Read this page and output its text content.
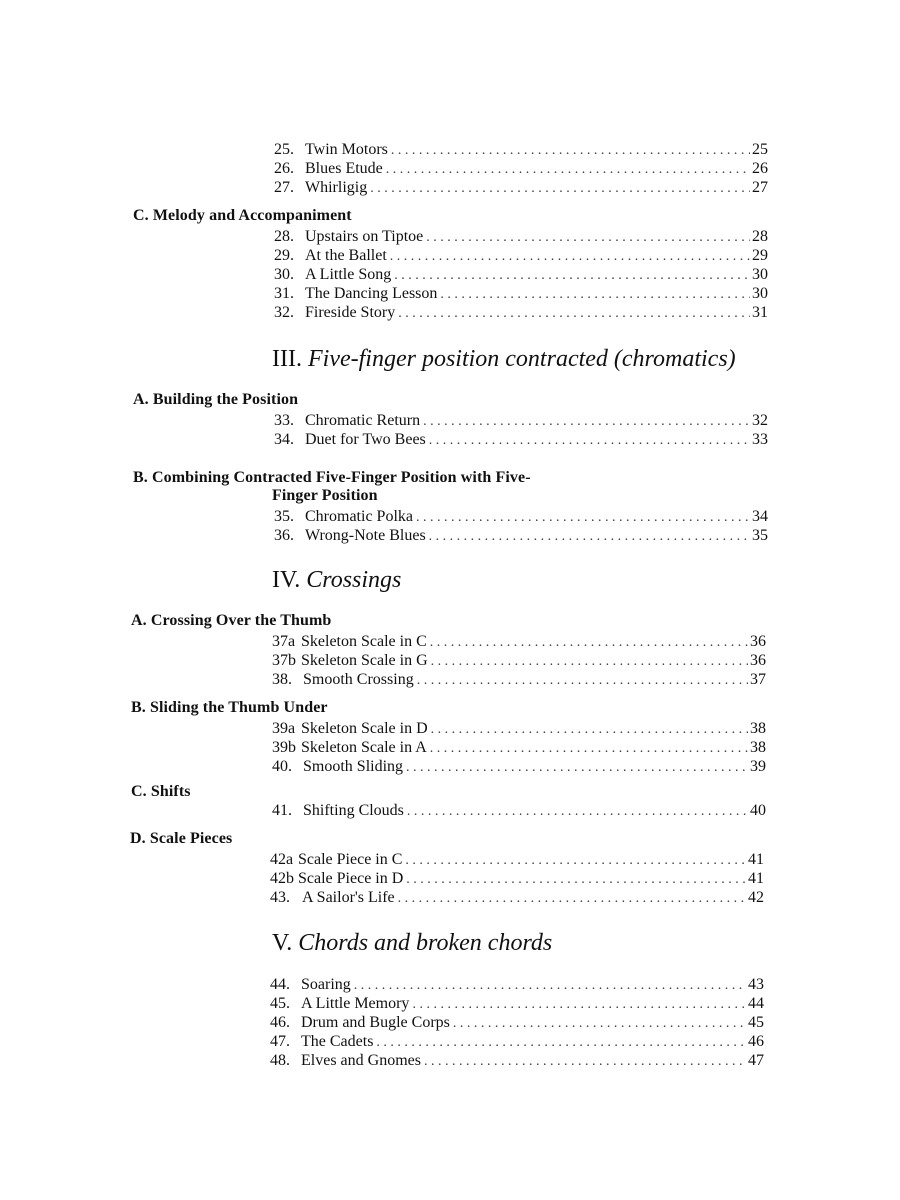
25. Twin Motors . . .	25
26. Blues Etude . . .	26
27. Whirligig . . .	27
C. Melody and Accompaniment
28. Upstairs on Tiptoe . . .	28
29. At the Ballet . . .	29
30. A Little Song . . .	30
31. The Dancing Lesson . . .	30
32. Fireside Story . . .	31
III. Five-finger position contracted (chromatics)
A. Building the Position
33. Chromatic Return . . .	32
34. Duet for Two Bees . . .	33
B. Combining Contracted Five-Finger Position with Five-
Finger Position
35. Chromatic Polka . . .	34
36. Wrong-Note Blues . . .	35
IV. Crossings
A. Crossing Over the Thumb
37a Skeleton Scale in C . . .	36
37b Skeleton Scale in G . . .	36
38. Smooth Crossing . . .	37
B. Sliding the Thumb Under
39a Skeleton Scale in D . . .	38
39b Skeleton Scale in A . . .	38
40. Smooth Sliding . . .	39
C. Shifts
41. Shifting Clouds . . .	40
D. Scale Pieces
42a Scale Piece in C . . .	41
42b Scale Piece in D . . .	41
43. A Sailor's Life . . .	42
V. Chords and broken chords
44. Soaring . . .	43
45. A Little Memory . . .	44
46. Drum and Bugle Corps . . .	45
47. The Cadets . . .	46
48. Elves and Gnomes . . .	47
